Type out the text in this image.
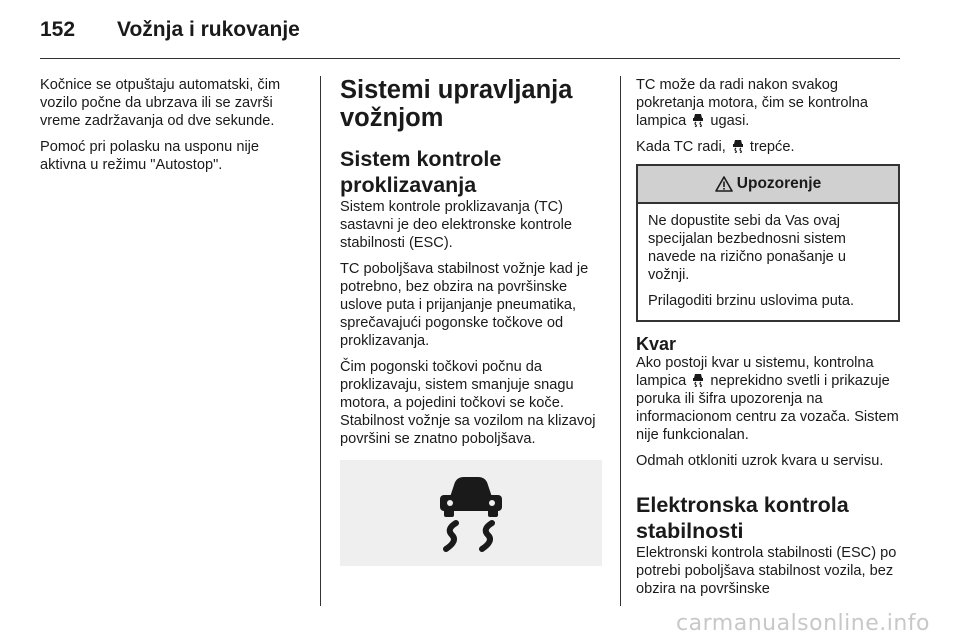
152	Vožnja i rukovanje

Kočnice se otpuštaju automatski, čim vozilo počne da ubrzava ili se završi vreme zadržavanja od dve sekunde.

Pomoć pri polasku na usponu nije aktivna u režimu "Autostop".

Sistemi upravljanja vožnjom
Sistem kontrole proklizavanja

Sistem kontrole proklizavanja (TC) sastavni je deo elektronske kontrole stabilnosti (ESC).

TC poboljšava stabilnost vožnje kad je potrebno, bez obzira na površinske uslove puta i prijanjanje pneumatika, sprečavajući pogonske točkove od proklizavanja.

Čim pogonski točkovi počnu da proklizavaju, sistem smanjuje snagu motora, a pojedini točkovi se koče. Stabilnost vožnje sa vozilom na klizavoj površini se znatno poboljšava.

TC može da radi nakon svakog pokretanja motora, čim se kontrolna lampica ugasi.

Kada TC radi, trepće.

Upozorenje

Ne dopustite sebi da Vas ovaj specijalan bezbednosni sistem navede na rizično ponašanje u vožnji.

Prilagoditi brzinu uslovima puta.

Kvar

Ako postoji kvar u sistemu, kontrolna lampica neprekidno svetli i prikazuje poruka ili šifra upozorenja na informacionom centru za vozača. Sistem nije funkcionalan.

Odmah otkloniti uzrok kvara u servisu.

Elektronska kontrola stabilnosti

Elektronski kontrola stabilnosti (ESC) po potrebi poboljšava stabilnost vozila, bez obzira na površinske

carmanualsonline.info
